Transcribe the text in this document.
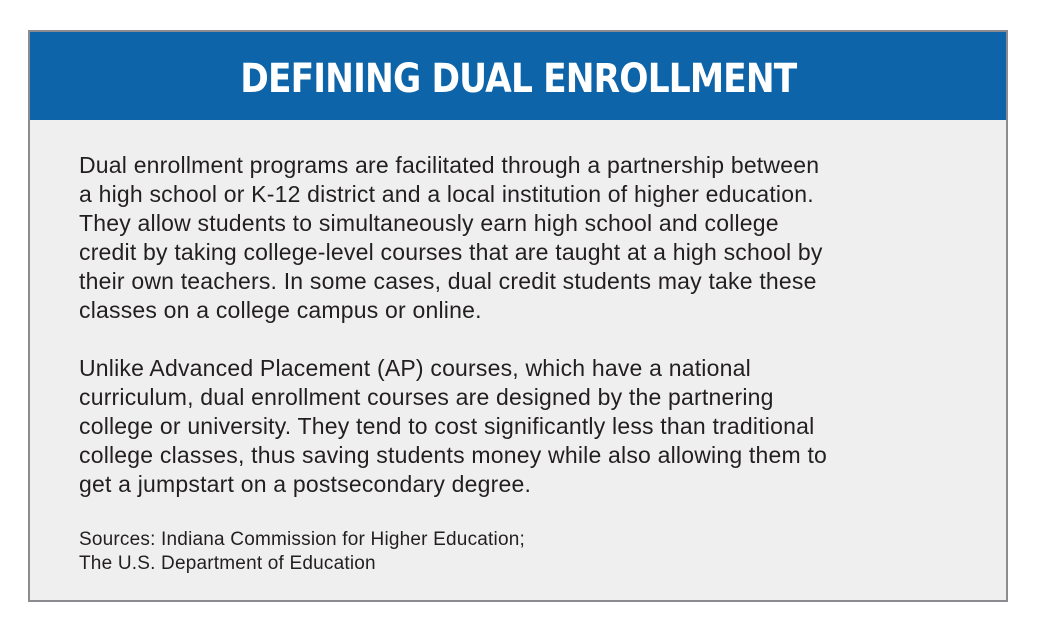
DEFINING DUAL ENROLLMENT

Dual enrollment programs are facilitated through a partnership between
a high school or K-12 district and a local institution of higher education.
They allow students to simultaneously earn high school and college
credit by taking college-level courses that are taught at a high school by
their own teachers. In some cases, dual credit students may take these
classes on a college campus or online.

Unlike Advanced Placement (AP) courses, which have a national
curriculum, dual enrollment courses are designed by the partnering
college or university. They tend to cost significantly less than traditional
college classes, thus saving students money while also allowing them to
get a jumpstart on a postsecondary degree.

Sources: Indiana Commission for Higher Education;
The U.S. Department of Education
